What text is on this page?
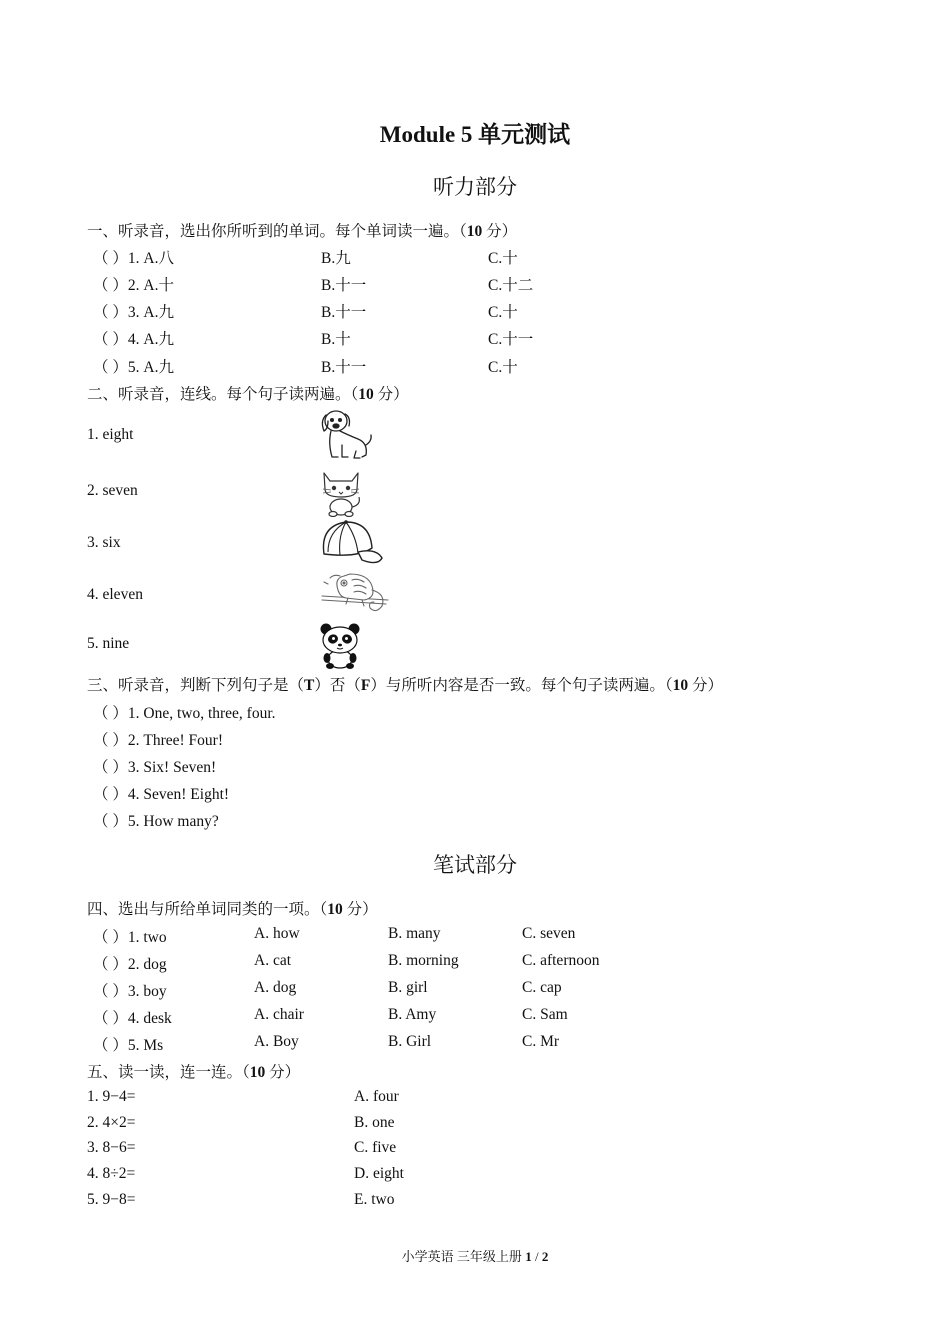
Module 5 单元测试
听力部分
一、听录音，选出你所听到的单词。每个单词读一遍。（10 分）
（ ）1. A.八	B.九	C.十
（ ）2. A.十	B.十一	C.十二
（ ）3. A.九	B.十一	C.十
（ ）4. A.九	B.十	C.十一
（ ）5. A.九	B.十一	C.十
二、听录音，连线。每个句子读两遍。（10 分）
1. eight
2. seven
3. six
4. eleven
5. nine
三、听录音，判断下列句子是（T）否（F）与所听内容是否一致。每个句子读两遍。（10 分）
（ ）1. One, two, three, four.
（ ）2. Three! Four!
（ ）3. Six! Seven!
（ ）4. Seven! Eight!
（ ）5. How many?
笔试部分
四、选出与所给单词同类的一项。（10 分）
（ ）1. two	A. how	B. many	C. seven
（ ）2. dog	A. cat	B. morning	C. afternoon
（ ）3. boy	A. dog	B. girl	C. cap
（ ）4. desk	A. chair	B. Amy	C. Sam
（ ）5. Ms	A. Boy	B. Girl	C. Mr
五、读一读，连一连。（10 分）
1. 9−4=	A. four
2. 4×2=	B. one
3. 8−6=	C. five
4. 8÷2=	D. eight
5. 9−8=	E. two
小学英语 三年级上册 1 / 2
